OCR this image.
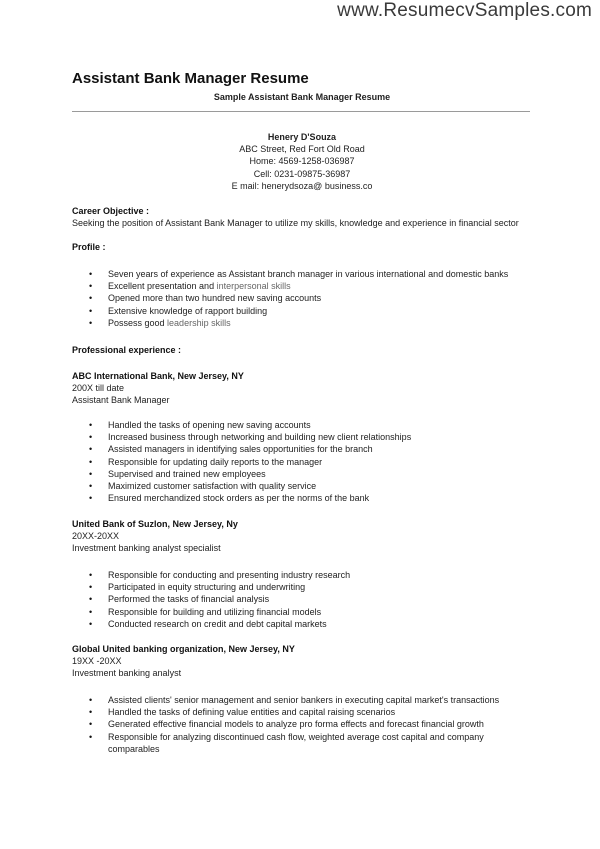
www.ResumecvSamples.com
Assistant Bank Manager Resume
Sample Assistant Bank Manager Resume
Henery D'Souza
ABC Street, Red Fort Old Road
Home: 4569-1258-036987
Cell: 0231-09875-36987
E mail: henerydsoza@ business.co
Career Objective :
Seeking the position of Assistant Bank Manager to utilize my skills, knowledge and experience in financial sector
Profile :
• Seven years of experience as Assistant branch manager in various international and domestic banks
• Excellent presentation and interpersonal skills
• Opened more than two hundred new saving accounts
• Extensive knowledge of rapport building
• Possess good leadership skills
Professional experience :
ABC International Bank, New Jersey, NY
200X till date
Assistant Bank Manager
• Handled the tasks of opening new saving accounts
• Increased business through networking and building new client relationships
• Assisted managers in identifying sales opportunities for the branch
• Responsible for updating daily reports to the manager
• Supervised and trained new employees
• Maximized customer satisfaction with quality service
• Ensured merchandized stock orders as per the norms of the bank
United Bank of Suzlon, New Jersey, Ny
20XX-20XX
Investment banking analyst specialist
• Responsible for conducting and presenting industry research
• Participated in equity structuring and underwriting
• Performed the tasks of financial analysis
• Responsible for building and utilizing financial models
• Conducted research on credit and debt capital markets
Global United banking organization, New Jersey, NY
19XX -20XX
Investment banking analyst
• Assisted clients' senior management and senior bankers in executing capital market's transactions
• Handled the tasks of defining value entities and capital raising scenarios
• Generated effective financial models to analyze pro forma effects and forecast financial growth
• Responsible for analyzing discontinued cash flow, weighted average cost capital and company comparables
